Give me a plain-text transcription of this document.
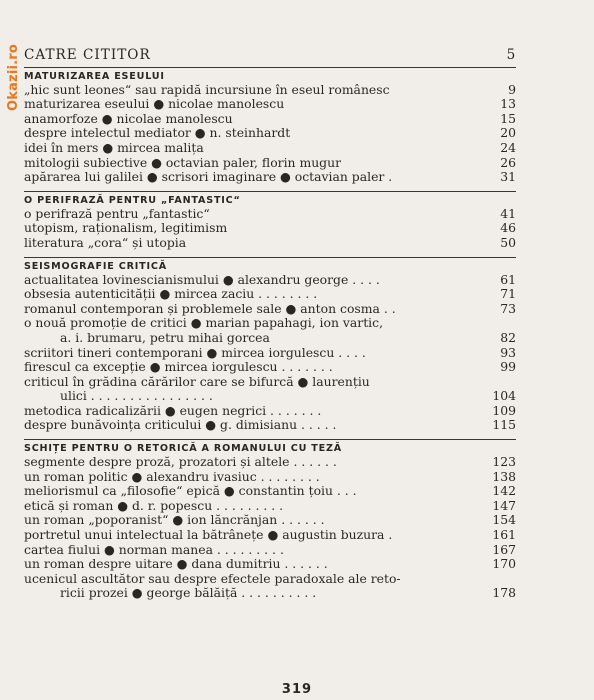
Okazii.ro CĂTRE CITITOR	5
MATURIZAREA ESEULUI
„hic sunt leones“ sau rapidă incursiune în eseul românesc	9
maturizarea eseului ● nicolae manolescu	13
anamorfoze ● nicolae manolescu	15
despre intelectul mediator ● n. steinhardt	20
idei în mers ● mircea malița	24
mitologii subiective ● octavian paler, florin mugur	26
apărarea lui galilei ● scrisori imaginare ● octavian paler .	31
O PERIFRAZĂ PENTRU „FANTASTIC“
o perifrază pentru „fantastic“	41
utopism, raționalism, legitimism	46
literatura „cora“ și utopia	50
SEISMOGRAFIE CRITICĂ
actualitatea lovinescianismului ● alexandru george . . . .	61
obsesia autenticității ● mircea zaciu . . . . . . . .	71
romanul contemporan și problemele sale ● anton cosma . .	73
o nouă promoție de critici ● marian papahagi, ion vartic,
a. i. brumaru, petru mihai gorcea	82
scriitori tineri contemporani ● mircea iorgulescu . . . .	93
firescul ca excepție ● mircea iorgulescu . . . . . . .	99
criticul în grădina cărărilor care se bifurcă ● laurențiu
ulici . . . . . . . . . . . . . . . .	104
metodica radicalizării ● eugen negrici . . . . . . .	109
despre bunăvoința criticului ● g. dimisianu . . . . .	115
SCHIȚE PENTRU O RETORICĂ A ROMANULUI CU TEZĂ
segmente despre proză, prozatori și altele . . . . . .	123
un roman politic ● alexandru ivasiuc . . . . . . . .	138
meliorismul ca „filosofie“ epică ● constantin țoiu . . .	142
etică și roman ● d. r. popescu . . . . . . . . .	147
un roman „poporanist“ ● ion lăncrănjan . . . . . .	154
portretul unui intelectual la bătrânețe ● augustin buzura .	161
cartea fiului ● norman manea . . . . . . . . .	167
un roman despre uitare ● dana dumitriu . . . . . .	170
ucenicul ascultător sau despre efectele paradoxale ale reto-
ricii prozei ● george bălăiță . . . . . . . . . .	178
319
